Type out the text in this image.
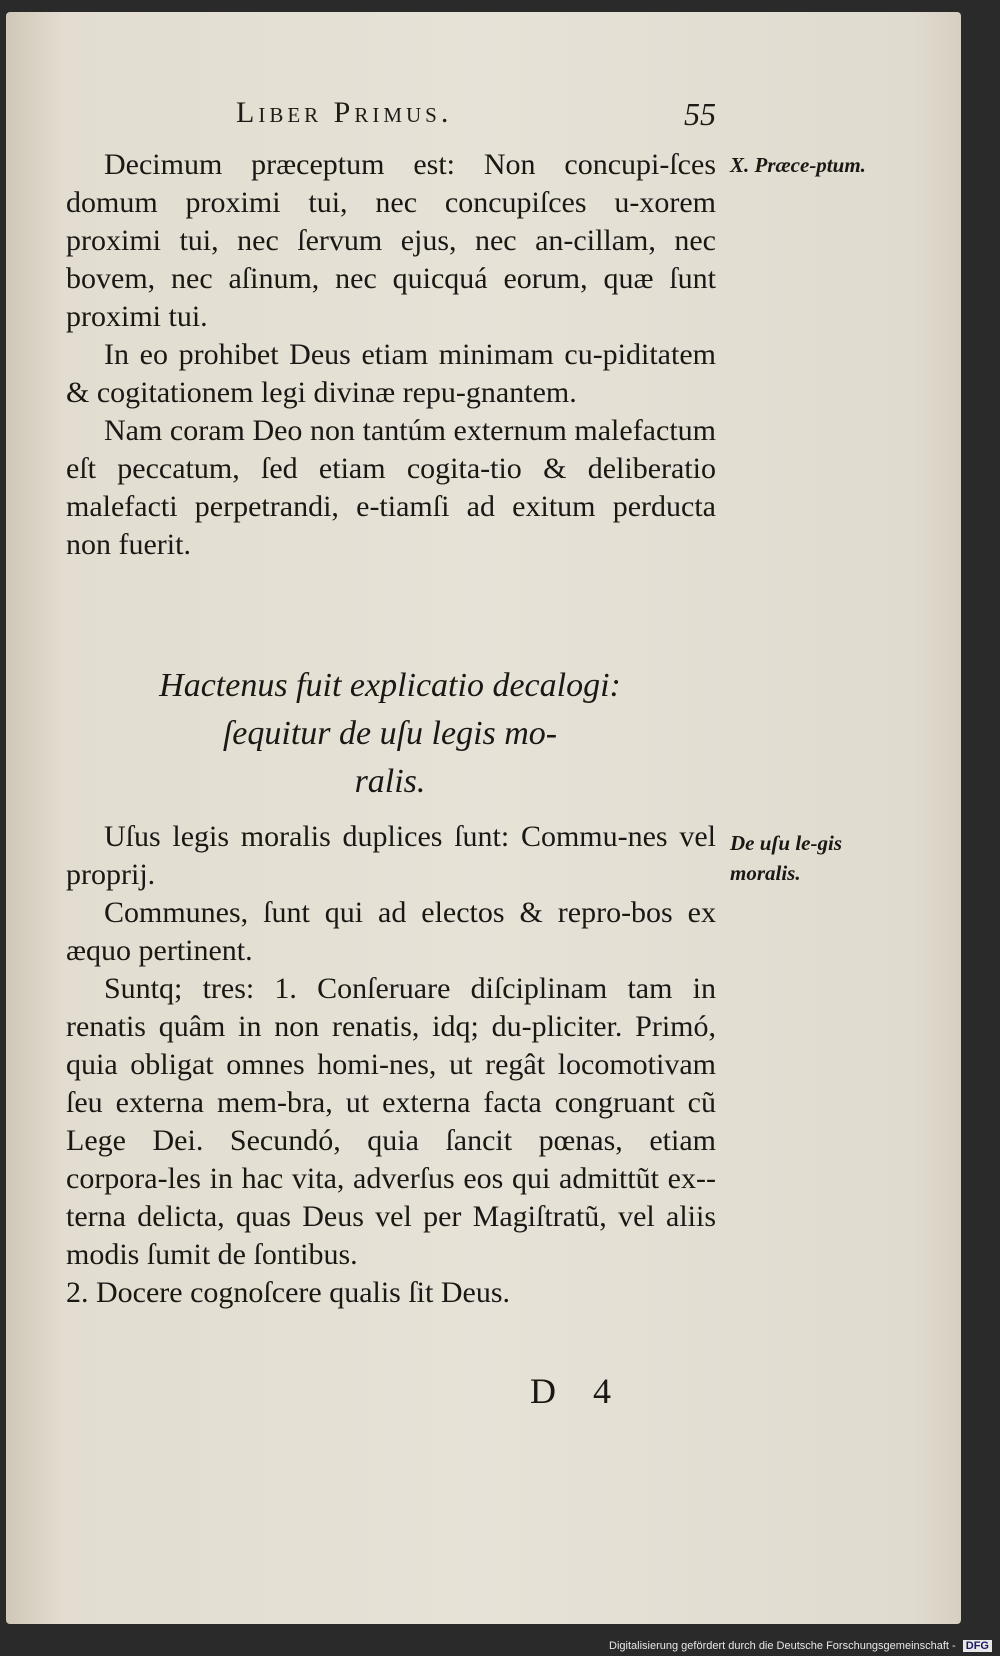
Liber Primus.	55

Decimum præceptum est: Non concupi-ſces domum proximi tui, nec concupiſces u-xorem proximi tui, nec ſervum ejus, nec an-cillam, nec bovem, nec aſinum, nec quicquá eorum, quæ ſunt proximi tui.

In eo prohibet Deus etiam minimam cu-piditatem & cogitationem legi divinæ repu-gnantem.

Nam coram Deo non tantúm externum malefactum eſt peccatum, ſed etiam cogita-tio & deliberatio malefacti perpetrandi, e-tiamſi ad exitum perducta non fuerit.

Hactenus fuit explicatio decalogi:
ſequitur de uſu legis mo-
ralis.

Uſus legis moralis duplices ſunt: Commu-nes vel proprij.

Communes, ſunt qui ad electos & repro-bos ex æquo pertinent.

Suntq; tres: 1. Conſeruare diſciplinam tam in renatis quâm in non renatis, idq; du-pliciter. Primó, quia obligat omnes homi-nes, ut regât locomotivam ſeu externa mem-bra, ut externa facta congruant cũ Lege Dei. Secundó, quia ſancit pœnas, etiam corpora-les in hac vita, adverſus eos qui admittũt ex-terna delicta, quas Deus vel per Magiſtratũ, vel aliis modis ſumit de ſontibus.

2. Docere cognoſcere qualis ſit Deus.

X. Præce-ptum.
De uſu le-gis moralis.
D 4
Digitalisierung gefördert durch die Deutsche Forschungsgemeinschaft - DFG
